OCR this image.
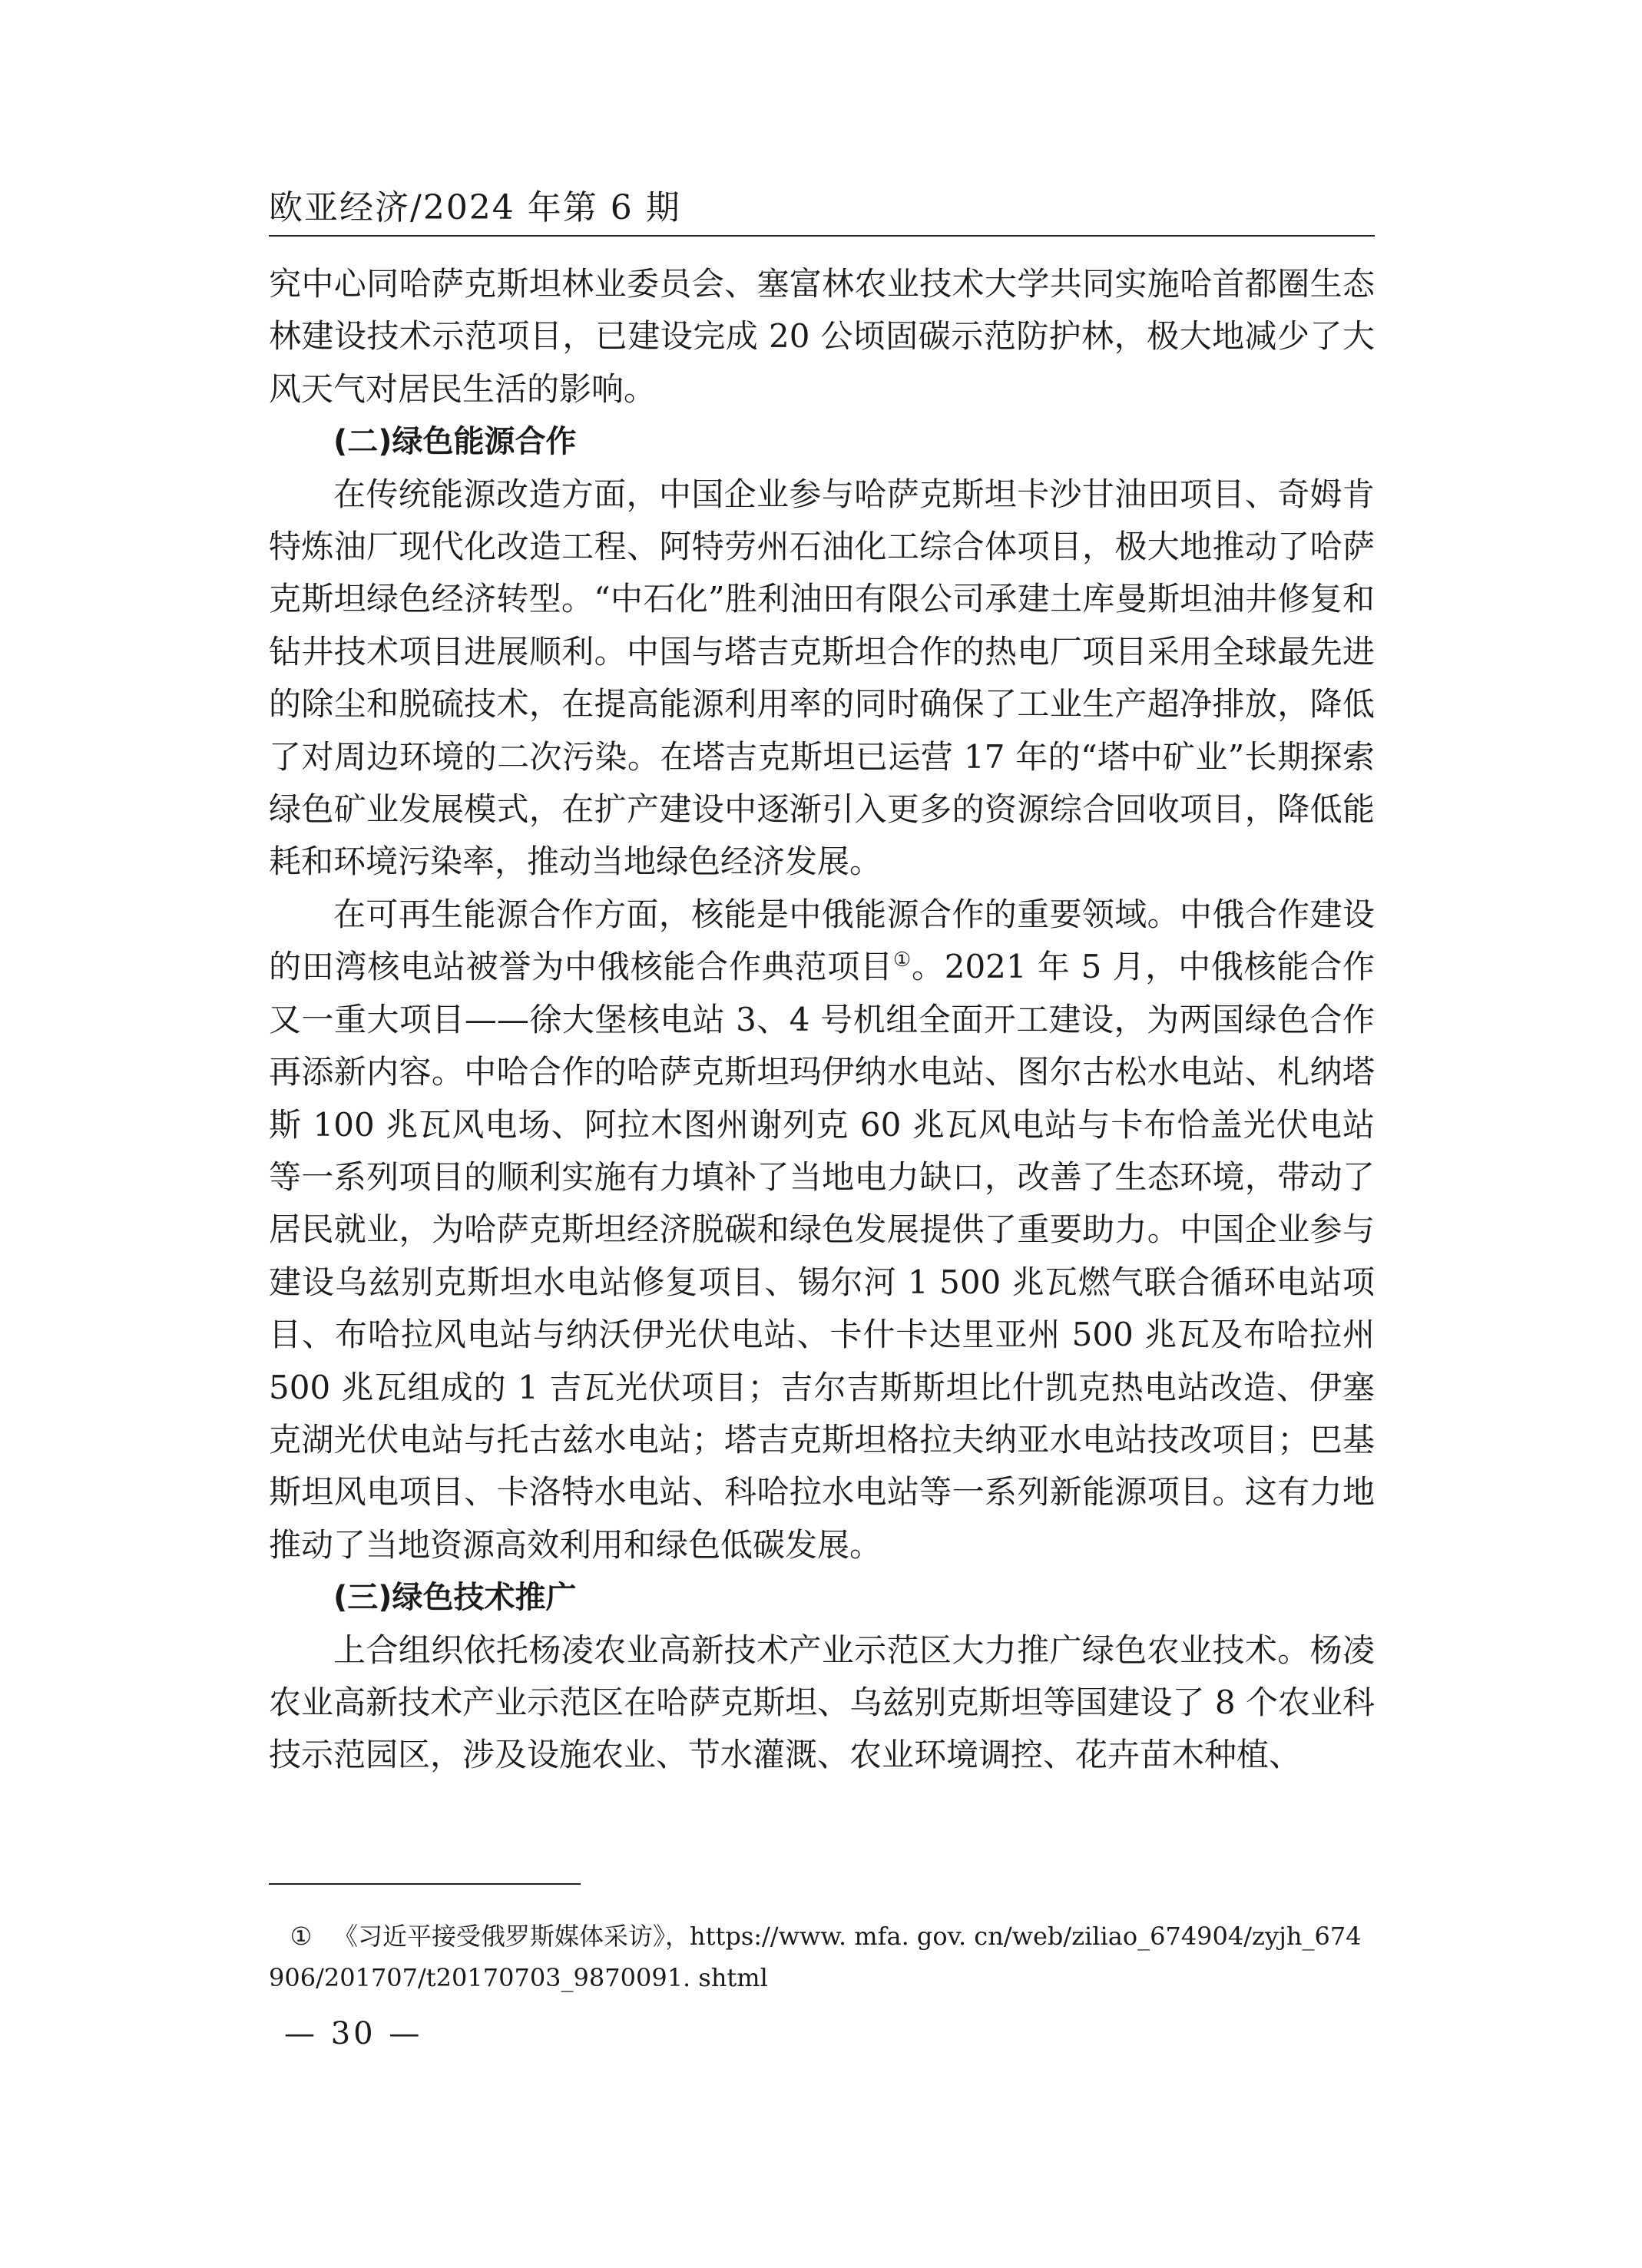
欧亚经济/2024 年第 6 期

究中心同哈萨克斯坦林业委员会、塞富林农业技术大学共同实施哈首都圈生态林建设技术示范项目，已建设完成 20 公顷固碳示范防护林，极大地减少了大风天气对居民生活的影响。

(二)绿色能源合作

在传统能源改造方面，中国企业参与哈萨克斯坦卡沙甘油田项目、奇姆肯特炼油厂现代化改造工程、阿特劳州石油化工综合体项目，极大地推动了哈萨克斯坦绿色经济转型。“中石化”胜利油田有限公司承建土库曼斯坦油井修复和钻井技术项目进展顺利。中国与塔吉克斯坦合作的热电厂项目采用全球最先进的除尘和脱硫技术，在提高能源利用率的同时确保了工业生产超净排放，降低了对周边环境的二次污染。在塔吉克斯坦已运营 17 年的“塔中矿业”长期探索绿色矿业发展模式，在扩产建设中逐渐引入更多的资源综合回收项目，降低能耗和环境污染率，推动当地绿色经济发展。

在可再生能源合作方面，核能是中俄能源合作的重要领域。中俄合作建设的田湾核电站被誉为中俄核能合作典范项目①。2021 年 5 月，中俄核能合作又一重大项目——徐大堡核电站 3、4 号机组全面开工建设，为两国绿色合作再添新内容。中哈合作的哈萨克斯坦玛伊纳水电站、图尔古松水电站、札纳塔斯 100 兆瓦风电场、阿拉木图州谢列克 60 兆瓦风电站与卡布恰盖光伏电站等一系列项目的顺利实施有力填补了当地电力缺口，改善了生态环境，带动了居民就业，为哈萨克斯坦经济脱碳和绿色发展提供了重要助力。中国企业参与建设乌兹别克斯坦水电站修复项目、锡尔河 1 500 兆瓦燃气联合循环电站项目、布哈拉风电站与纳沃伊光伏电站、卡什卡达里亚州 500 兆瓦及布哈拉州 500 兆瓦组成的 1 吉瓦光伏项目；吉尔吉斯斯坦比什凯克热电站改造、伊塞克湖光伏电站与托古兹水电站；塔吉克斯坦格拉夫纳亚水电站技改项目；巴基斯坦风电项目、卡洛特水电站、科哈拉水电站等一系列新能源项目。这有力地推动了当地资源高效利用和绿色低碳发展。

(三)绿色技术推广

上合组织依托杨凌农业高新技术产业示范区大力推广绿色农业技术。杨凌农业高新技术产业示范区在哈萨克斯坦、乌兹别克斯坦等国建设了 8 个农业科技示范园区，涉及设施农业、节水灌溉、农业环境调控、花卉苗木种植、

① 《习近平接受俄罗斯媒体采访》，https://www. mfa. gov. cn/web/ziliao_674904/zyjh_674906/201707/t20170703_9870091. shtml
— 30 —
